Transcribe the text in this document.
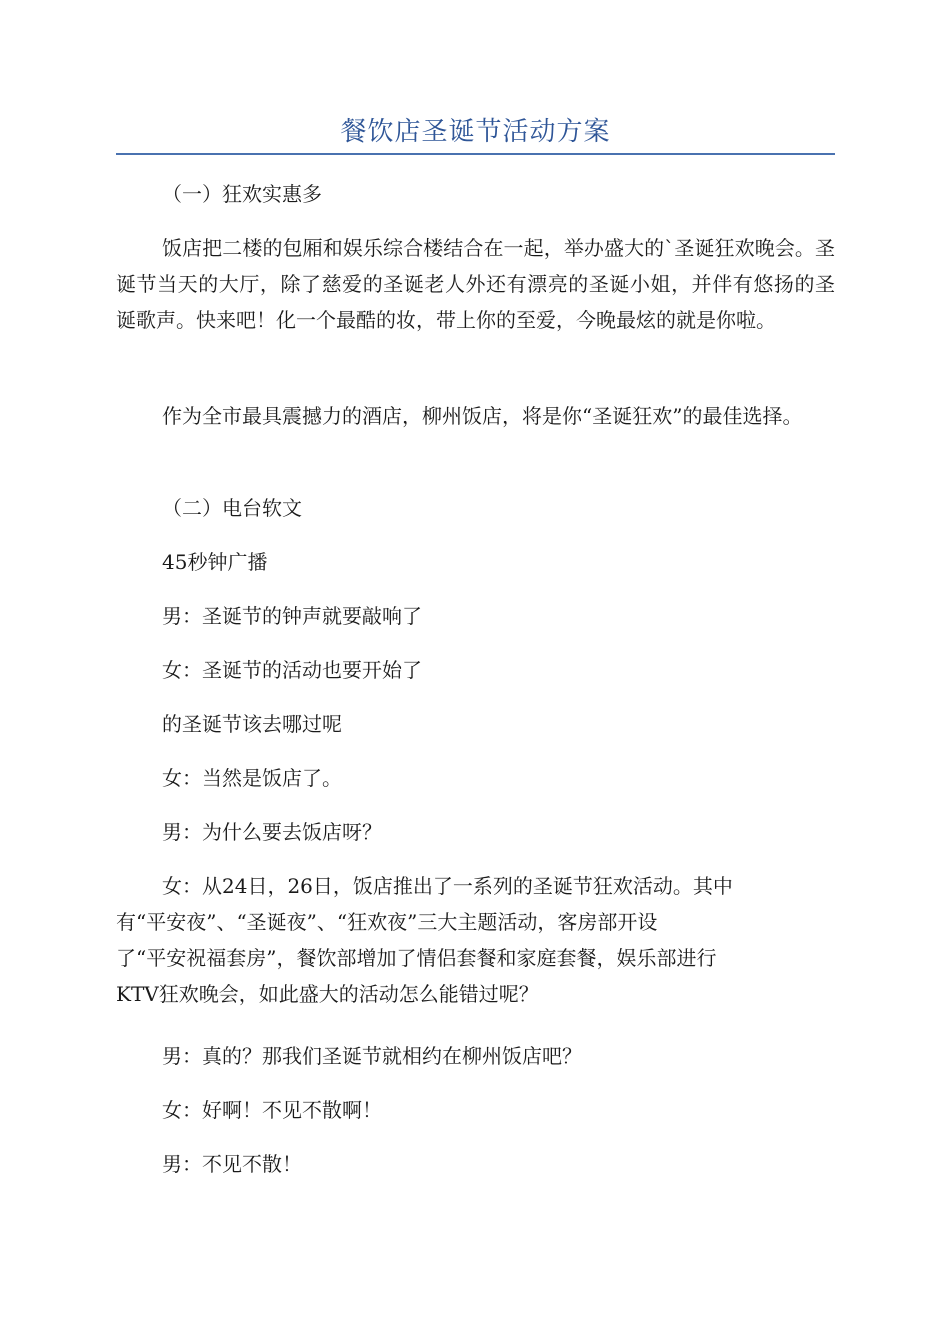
餐饮店圣诞节活动方案

（一）狂欢实惠多

饭店把二楼的包厢和娱乐综合楼结合在一起，举办盛大的`圣诞狂欢晚会。圣诞节当天的大厅，除了慈爱的圣诞老人外还有漂亮的圣诞小姐，并伴有悠扬的圣诞歌声。快来吧！化一个最酷的妆，带上你的至爱，今晚最炫的就是你啦。

作为全市最具震撼力的酒店，柳州饭店，将是你“圣诞狂欢”的最佳选择。

（二）电台软文

45秒钟广播

男：圣诞节的钟声就要敲响了

女：圣诞节的活动也要开始了

的圣诞节该去哪过呢

女：当然是饭店了。

男：为什么要去饭店呀？

女：从24日，26日，饭店推出了一系列的圣诞节狂欢活动。其中

有“平安夜”、“圣诞夜”、“狂欢夜”三大主题活动，客房部开设

了“平安祝福套房”，餐饮部增加了情侣套餐和家庭套餐，娱乐部进行

KTV狂欢晚会，如此盛大的活动怎么能错过呢？

男：真的？那我们圣诞节就相约在柳州饭店吧？

女：好啊！不见不散啊！

男：不见不散！
